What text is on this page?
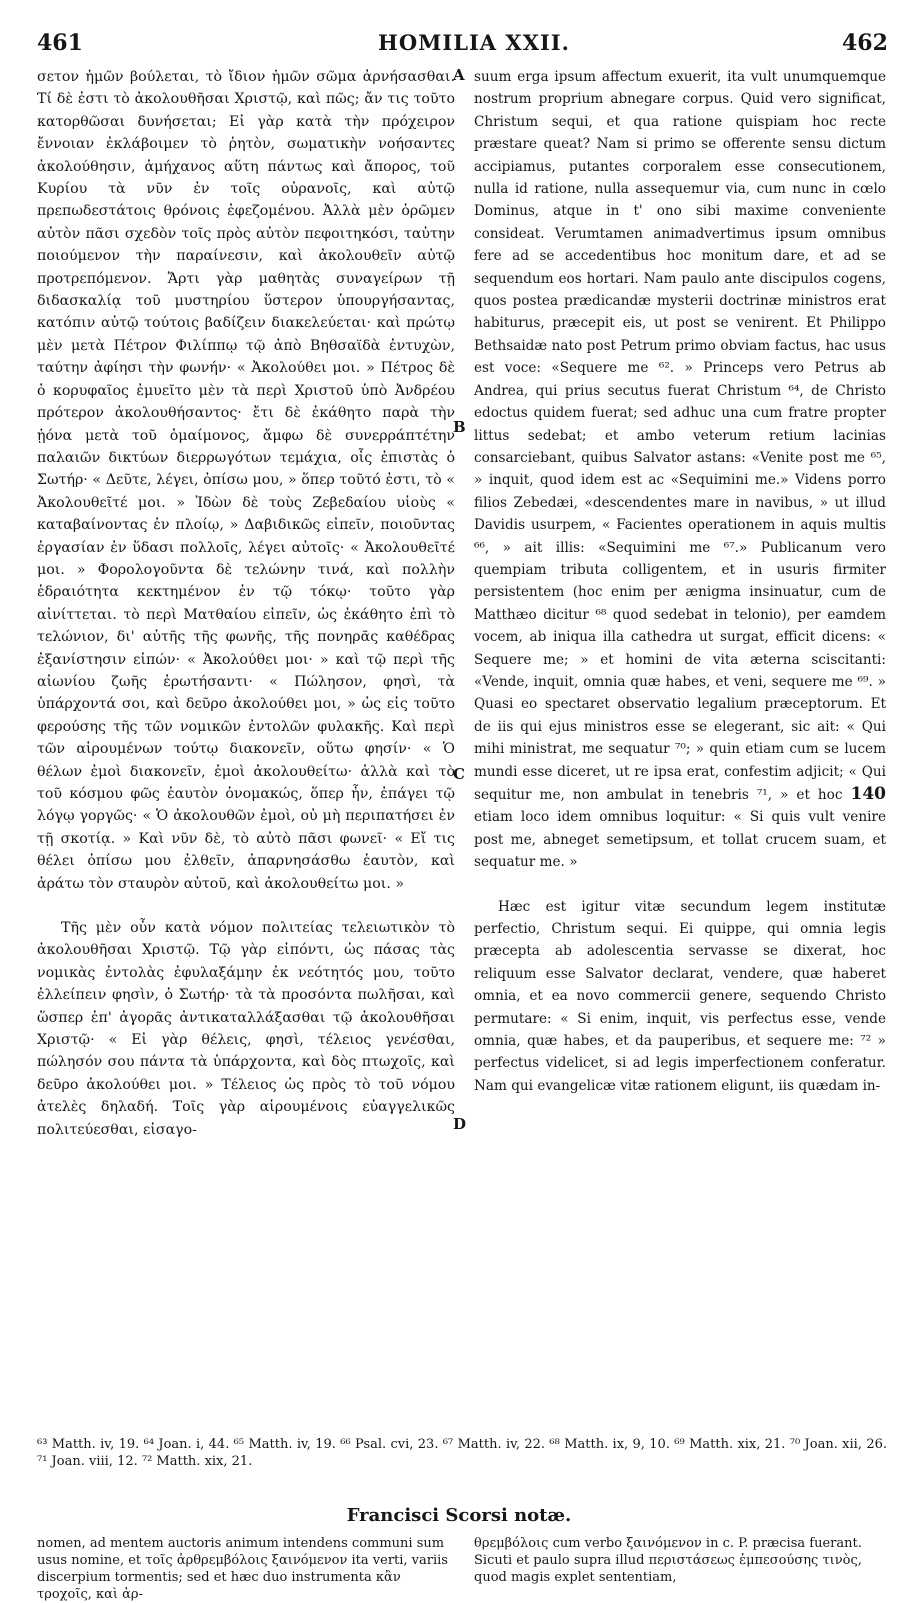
461	HOMILIA XXII.	462
A
B
C
D

σετον ἡμῶν βούλεται, τὸ ἴδιον ἡμῶν σῶμα ἀρνήσασθαι. Τί δὲ ἐστι τὸ ἀκολουθῆσαι Χριστῷ, καὶ πῶς; ἄν τις τοῦτο κατορθῶσαι δυνήσεται; Εἰ γὰρ κατὰ τὴν πρόχειρον ἔννοιαν ἐκλάβοιμεν τὸ ῥητὸν, σωματικὴν νοήσαντες ἀκολούθησιν, ἀμήχανος αὕτη πάντως καὶ ἄπορος, τοῦ Κυρίου τὰ νῦν ἐν τοῖς οὐρανοῖς, καὶ αὐτῷ πρεπωδεστάτοις θρόνοις ἐφεζομένου. Ἀλλὰ μὲν ὁρῶμεν αὐτὸν πᾶσι σχεδὸν τοῖς πρὸς αὐτὸν πεφοιτηκόσι, ταὐτην ποιούμενον τὴν παραίνεσιν, καὶ ἀκολουθεῖν αὐτῷ προτρεπόμενον. Ἄρτι γὰρ μαθητὰς συναγείρων τῇ διδασκαλίᾳ τοῦ μυστηρίου ὕστερον ὑπουργήσαντας, κατόπιν αὐτῷ τούτοις βαδίζειν διακελεύεται· καὶ πρώτῳ μὲν μετὰ Πέτρον Φιλίππῳ τῷ ἀπὸ Βηθσαϊδὰ ἐντυχὼν, ταύτην ἀφίησι τὴν φωνήν· « Ἀκολούθει μοι. » Πέτρος δὲ ὁ κορυφαῖος ἐμυεῖτο μὲν τὰ περὶ Χριστοῦ ὑπὸ Ἀνδρέου πρότερον ἀκολουθήσαντος· ἔτι δὲ ἐκάθητο παρὰ τὴν ᾐόνα μετὰ τοῦ ὁμαίμονος, ἄμφω δὲ συνερράπτέτην παλαιῶν δικτύων διερρωγότων τεμάχια, οἷς ἐπιστὰς ὁ Σωτήρ· « Δεῦτε, λέγει, ὀπίσω μου, » ὅπερ τοῦτό ἐστι, τὸ « Ἀκολουθεῖτέ μοι. » Ἰδὼν δὲ τοὺς Ζεβεδαίου υἱοὺς « καταβαίνοντας ἐν πλοίῳ, » Δαβιδικῶς εἰπεῖν, ποιοῦντας ἐργασίαν ἐν ὕδασι πολλοῖς, λέγει αὐτοῖς· « Ἀκολουθεῖτέ μοι. » Φορολογοῦντα δὲ τελώνην τινά, καὶ πολλὴν ἑδραιότητα κεκτημένον ἐν τῷ τόκῳ· τοῦτο γὰρ αἰνίττεται. τὸ περὶ Ματθαίου εἰπεῖν, ὡς ἐκάθητο ἐπὶ τὸ τελώνιον, δι' αὐτῆς τῆς φωνῆς, τῆς πονηρᾶς καθέδρας ἐξανίστησιν εἰπών· « Ἀκολούθει μοι· » καὶ τῷ περὶ τῆς αἰωνίου ζωῆς ἐρωτήσαντι· « Πώλησον, φησὶ, τὰ ὑπάρχοντά σοι, καὶ δεῦρο ἀκολούθει μοι, » ὡς εἰς τοῦτο φερούσης τῆς τῶν νομικῶν ἐντολῶν φυλακῆς. Καὶ περὶ τῶν αἱρουμένων τούτῳ διακονεῖν, οὕτω φησίν· « Ὁ θέλων ἐμοὶ διακονεῖν, ἐμοὶ ἀκολουθείτω· ἀλλὰ καὶ τὸ τοῦ κόσμου φῶς ἑαυτὸν ὀνομακώς, ὅπερ ἦν, ἐπάγει τῷ λόγῳ γοργῶς· « Ὁ ἀκολουθῶν ἐμοὶ, οὐ μὴ περιπατήσει ἐν τῇ σκοτίᾳ. » Καὶ νῦν δὲ, τὸ αὐτὸ πᾶσι φωνεῖ· « Εἴ τις θέλει ὀπίσω μου ἐλθεῖν, ἀπαρνησάσθω ἑαυτὸν, καὶ ἀράτω τὸν σταυρὸν αὐτοῦ, καὶ ἀκολουθείτω μοι. »

Τῆς μὲν οὖν κατὰ νόμον πολιτείας τελειωτικὸν τὸ ἀκολουθῆσαι Χριστῷ. Τῷ γὰρ εἰπόντι, ὡς πάσας τὰς νομικὰς ἐντολὰς ἐφυλαξάμην ἐκ νεότητός μου, τοῦτο ἐλλείπειν φησὶν, ὁ Σωτήρ· τὰ τὰ προσόντα πωλῆσαι, καὶ ὥσπερ ἐπ' ἀγορᾶς ἀντικαταλλάξασθαι τῷ ἀκολουθῆσαι Χριστῷ· « Εἰ γὰρ θέλεις, φησὶ, τέλειος γενέσθαι, πώλησόν σου πάντα τὰ ὑπάρχοντα, καὶ δὸς πτωχοῖς, καὶ δεῦρο ἀκολούθει μοι. » Τέλειος ὡς πρὸς τὸ τοῦ νόμου ἀτελὲς δηλαδή. Τοῖς γὰρ αἱρουμένοις εὐαγγελικῶς πολιτεύεσθαι, εἰσαγο-

suum erga ipsum affectum exuerit, ita vult unumquemque nostrum proprium abnegare corpus. Quid vero significat, Christum sequi, et qua ratione quispiam hoc recte præstare queat? Nam si primo se offerente sensu dictum accipiamus, putantes corporalem esse consecutionem, nulla id ratione, nulla assequemur via, cum nunc in cœlo Dominus, atque in t' ono sibi maxime conveniente consideat. Verumtamen animadvertimus ipsum omnibus fere ad se accedentibus hoc monitum dare, et ad se sequendum eos hortari. Nam paulo ante discipulos cogens, quos postea prædicandæ mysterii doctrinæ ministros erat habiturus, præcepit eis, ut post se venirent. Et Philippo Bethsaidæ nato post Petrum primo obviam factus, hac usus est voce: «Sequere me ⁶². » Princeps vero Petrus ab Andrea, qui prius secutus fuerat Christum ⁶⁴, de Christo edoctus quidem fuerat; sed adhuc una cum fratre propter littus sedebat; et ambo veterum retium lacinias consarciebant, quibus Salvator astans: «Venite post me ⁶⁵, » inquit, quod idem est ac «Sequimini me.» Videns porro filios Zebedæi, «descendentes mare in navibus, » ut illud Davidis usurpem, « Facientes operationem in aquis multis ⁶⁶, » ait illis: «Sequimini me ⁶⁷.» Publicanum vero quempiam tributa colligentem, et in usuris firmiter persistentem (hoc enim per ænigma insinuatur, cum de Matthæo dicitur ⁶⁸ quod sedebat in telonio), per eamdem vocem, ab iniqua illa cathedra ut surgat, efficit dicens: « Sequere me; » et homini de vita æterna sciscitanti: «Vende, inquit, omnia quæ habes, et veni, sequere me ⁶⁹. » Quasi eo spectaret observatio legalium præceptorum. Et de iis qui ejus ministros esse se elegerant, sic ait: « Qui mihi ministrat, me sequatur ⁷⁰; » quin etiam cum se lucem mundi esse diceret, ut re ipsa erat, confestim adjicit; « Qui sequitur me, non ambulat in tenebris ⁷¹, » et hoc 140 etiam loco idem omnibus loquitur: « Si quis vult venire post me, abneget semetipsum, et tollat crucem suam, et sequatur me. »

Hæc est igitur vitæ secundum legem institutæ perfectio, Christum sequi. Ei quippe, qui omnia legis præcepta ab adolescentia servasse se dixerat, hoc reliquum esse Salvator declarat, vendere, quæ haberet omnia, et ea novo commercii genere, sequendo Christo permutare: « Si enim, inquit, vis perfectus esse, vende omnia, quæ habes, et da pauperibus, et sequere me: ⁷² » perfectus videlicet, si ad legis imperfectionem conferatur. Nam qui evangelicæ vitæ rationem eligunt, iis quædam in-

⁶³ Matth. iv, 19. ⁶⁴ Joan. i, 44. ⁶⁵ Matth. iv, 19. ⁶⁶ Psal. cvi, 23. ⁶⁷ Matth. iv, 22. ⁶⁸ Matth. ix, 9, 10. ⁶⁹ Matth. xix, 21. ⁷⁰ Joan. xii, 26. ⁷¹ Joan. viii, 12. ⁷² Matth. xix, 21.
Francisci Scorsi notæ.
nomen, ad mentem auctoris animum intendens communi sum usus nomine, et τοῖς ἀρθρεμβόλοις ξαινόμενον ita verti, variis discerpium tormentis; sed et hæc duo instrumenta κἂν τροχοῖς, καὶ ἀρ-
θρεμβόλοις cum verbo ξαινόμενον in c. P. præcisa fuerant. Sicuti et paulo supra illud περιστάσεως ἐμπεσούσης τινὸς, quod magis explet sententiam,
